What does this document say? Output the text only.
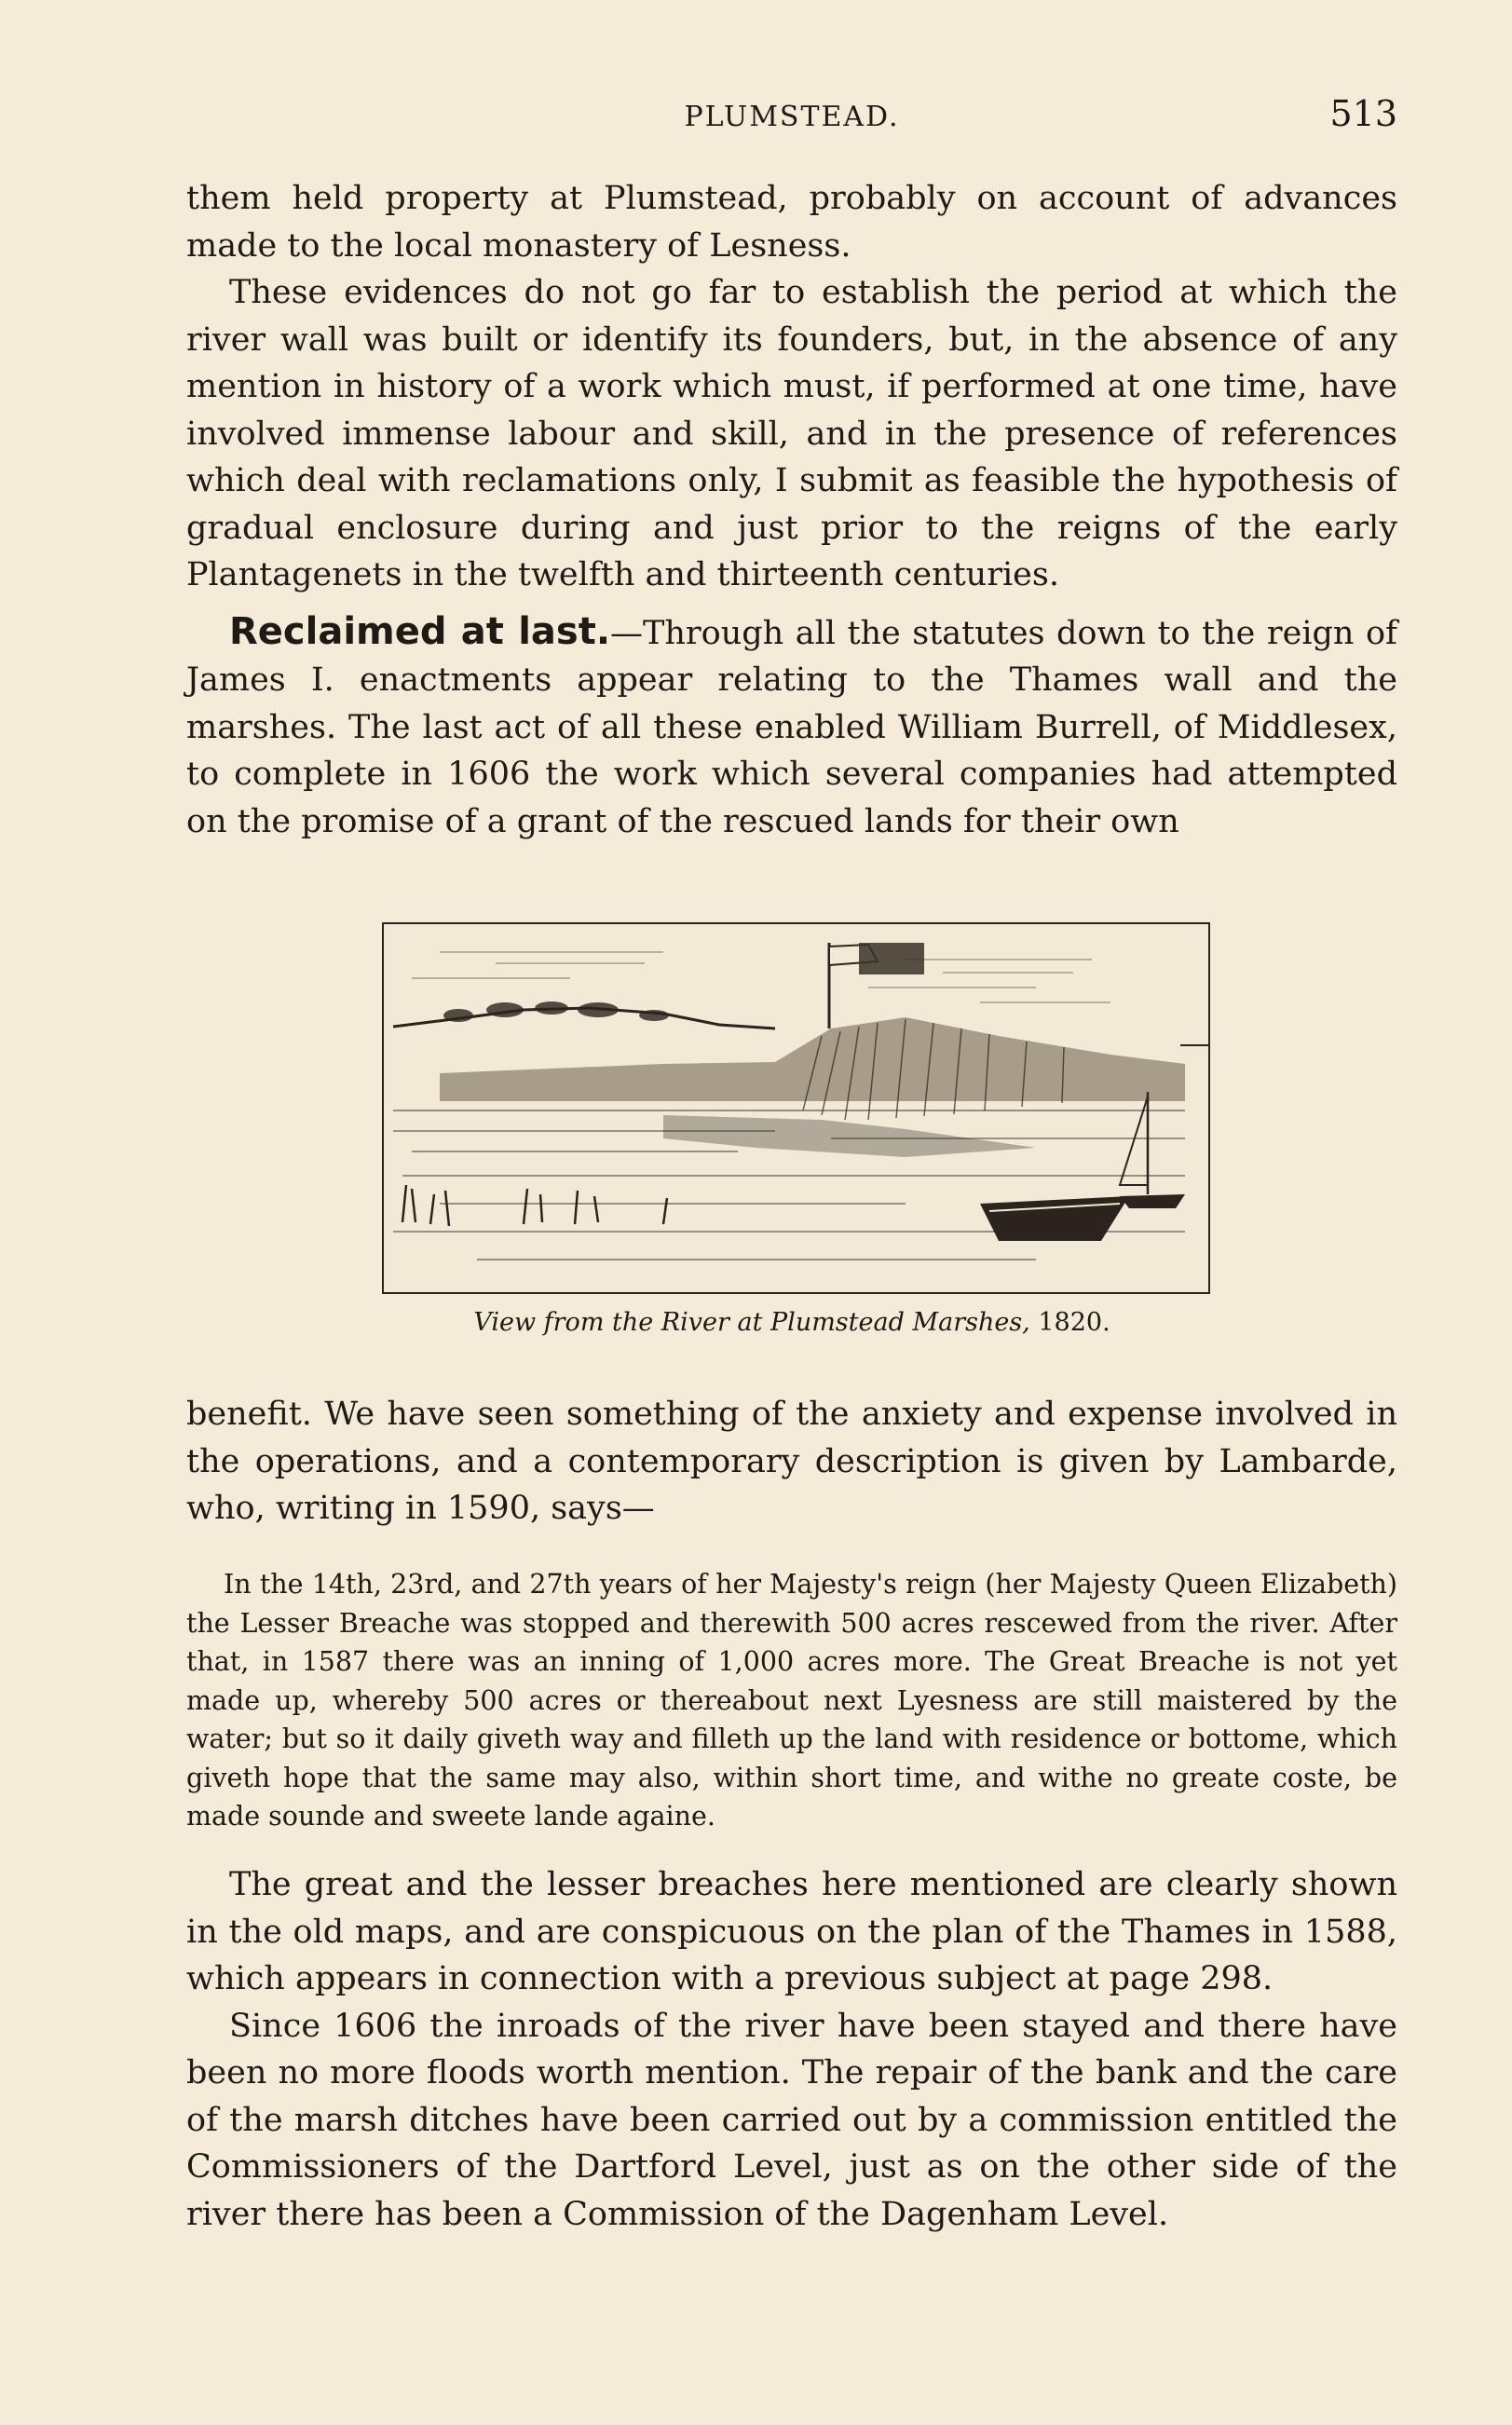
PLUMSTEAD.	513

them held property at Plumstead, probably on account of advances made to the local monastery of Lesness.

These evidences do not go far to establish the period at which the river wall was built or identify its founders, but, in the absence of any mention in history of a work which must, if performed at one time, have involved immense labour and skill, and in the presence of references which deal with reclamations only, I submit as feasible the hypothesis of gradual enclosure during and just prior to the reigns of the early Plantagenets in the twelfth and thirteenth centuries.

Reclaimed at last.—Through all the statutes down to the reign of James I. enactments appear relating to the Thames wall and the marshes. The last act of all these enabled William Burrell, of Middlesex, to complete in 1606 the work which several companies had attempted on the promise of a grant of the rescued lands for their own

View from the River at Plumstead Marshes, 1820.

benefit. We have seen something of the anxiety and expense involved in the operations, and a contemporary description is given by Lambarde, who, writing in 1590, says—

In the 14th, 23rd, and 27th years of her Majesty's reign (her Majesty Queen Elizabeth) the Lesser Breache was stopped and therewith 500 acres rescewed from the river. After that, in 1587 there was an inning of 1,000 acres more. The Great Breache is not yet made up, whereby 500 acres or thereabout next Lyesness are still maistered by the water; but so it daily giveth way and filleth up the land with residence or bottome, which giveth hope that the same may also, within short time, and withe no greate coste, be made sounde and sweete lande againe.

The great and the lesser breaches here mentioned are clearly shown in the old maps, and are conspicuous on the plan of the Thames in 1588, which appears in connection with a previous subject at page 298.

Since 1606 the inroads of the river have been stayed and there have been no more floods worth mention. The repair of the bank and the care of the marsh ditches have been carried out by a commission entitled the Commissioners of the Dartford Level, just as on the other side of the river there has been a Commission of the Dagenham Level.
